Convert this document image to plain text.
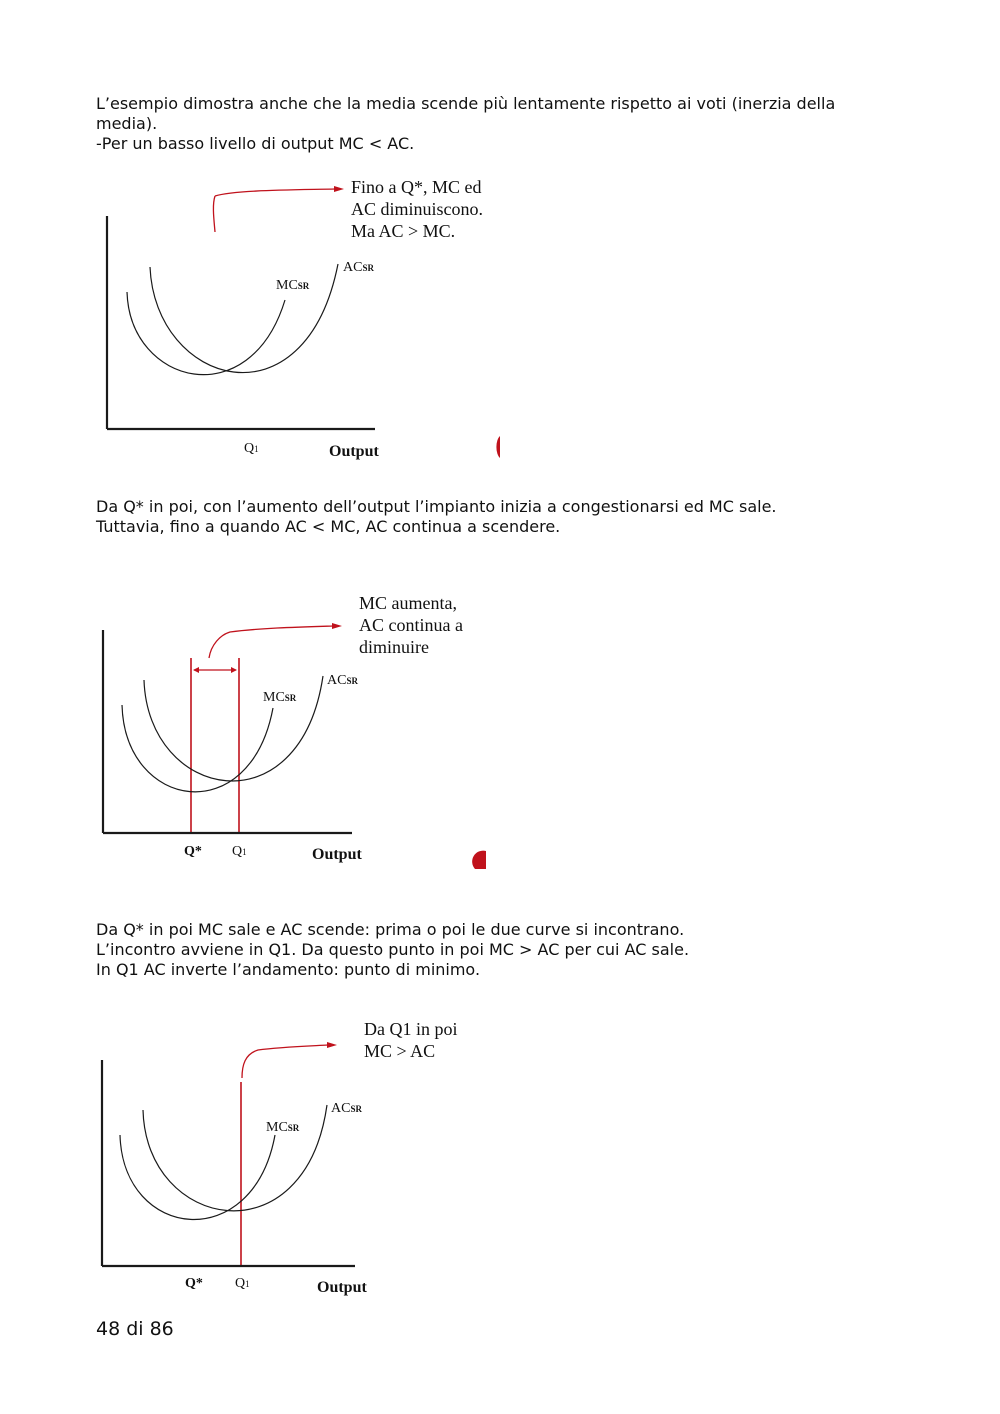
L’esempio dimostra anche che la media scende più lentamente rispetto ai voti (inerzia della
media).
-Per un basso livello di output MC < AC.
Fino a Q*, MC ed
AC diminuiscono.
Ma AC > MC.
MCSR
ACSR
Q1	Output
Da Q* in poi, con l’aumento dell’output l’impianto inizia a congestionarsi ed MC sale.
Tuttavia, fino a quando AC < MC, AC continua a scendere.
MC aumenta,
AC continua a
diminuire
MCSR
ACSR
Q* Q1	Output
Da Q* in poi MC sale e AC scende: prima o poi le due curve si incontrano.
L’incontro avviene in Q1. Da questo punto in poi MC > AC per cui AC sale.
In Q1 AC inverte l’andamento: punto di minimo.
Da Q1 in poi
MC > AC
MCSR
ACSR
Q* Q1	Output
48 di 86
